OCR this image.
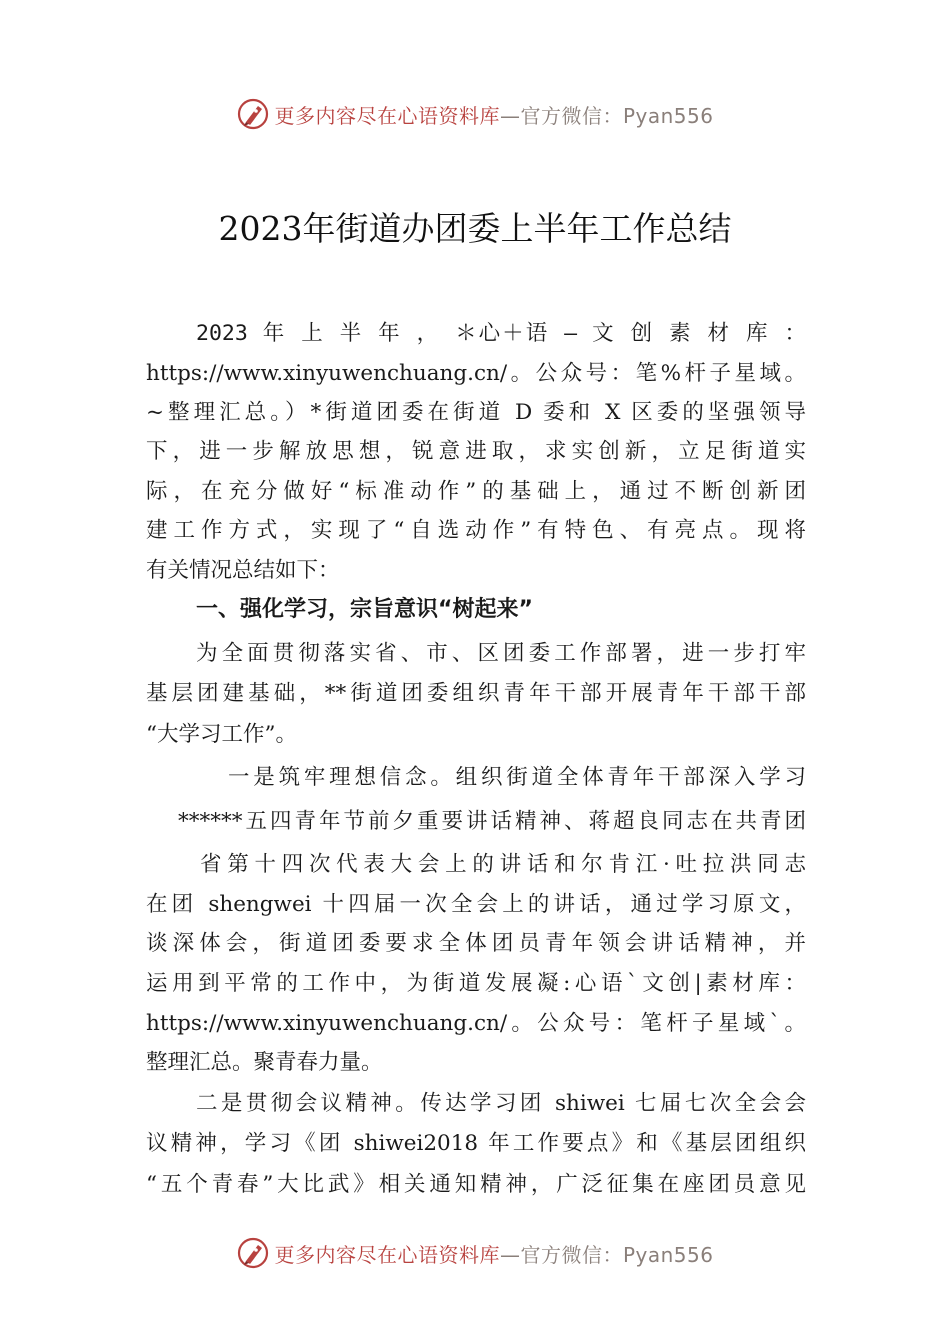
更多内容尽在心语资料库 —官方微信：Pyan556
2023年街道办团委上半年工作总结
2023 年 上 半 年 ， ＊心＋语 — 文 创 素 材 库 ：
https://www.xinyuwenchuang.cn/。公众号：笔%杆子星域。
~整理汇总。）*街道团委在街道 D 委和 X 区委的坚强领导
下，进一步解放思想，锐意进取，求实创新，立足街道实
际，在充分做好“标准动作”的基础上，通过不断创新团
建工作方式，实现了“自选动作”有特色、有亮点。现将
有关情况总结如下：
一、强化学习，宗旨意识“树起来”
为全面贯彻落实省、市、区团委工作部署，进一步打牢
基层团建基础，**街道团委组织青年干部开展青年干部干部
“大学习工作”。
一是筑牢理想信念。组织街道全体青年干部深入学习
******五四青年节前夕重要讲话精神、蒋超良同志在共青团
省第十四次代表大会上的讲话和尔肯江·吐拉洪同志
在团 shengwei 十四届一次全会上的讲话，通过学习原文，
谈深体会，街道团委要求全体团员青年领会讲话精神，并
运用到平常的工作中，为街道发展凝:心语`文创|素材库：
https://www.xinyuwenchuang.cn/。公众号：笔杆子星域`。
整理汇总。聚青春力量。
二是贯彻会议精神。传达学习团 shiwei 七届七次全会会
议精神，学习《团 shiwei2018 年工作要点》和《基层团组织
“五个青春”大比武》相关通知精神，广泛征集在座团员意见
更多内容尽在心语资料库 —官方微信：Pyan556
